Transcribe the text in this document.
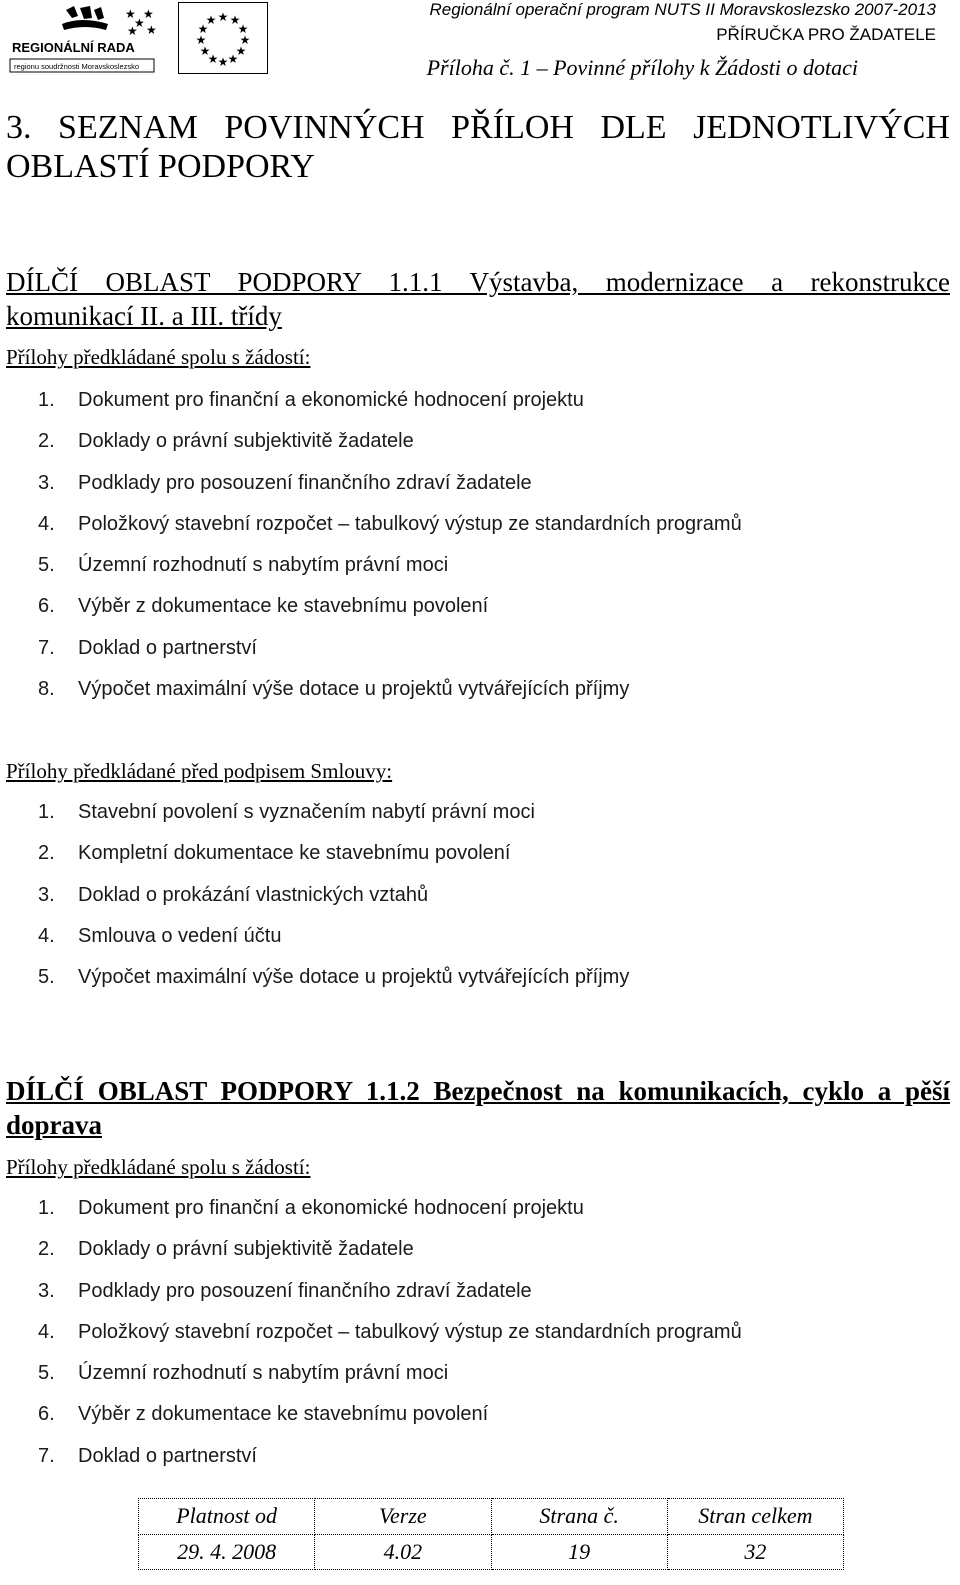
★
★
★
★
★
REGIONÁLNÍ RADA
regionu soudržnosti Moravskoslezsko
★ ★
★
★
★
★
★
★
★
★
★
★
Regionální operační program NUTS II Moravskoslezsko 2007-2013
PŘÍRUČKA PRO ŽADATELE
Příloha č. 1 – Povinné přílohy k Žádosti o dotaci
3. SEZNAM POVINNÝCH PŘÍLOH DLE JEDNOTLIVÝCH
OBLASTÍ PODPORY
DÍLČÍ OBLAST PODPORY 1.1.1 Výstavba, modernizace a rekonstrukce
komunikací II. a III. třídy
Přílohy předkládané spolu s žádostí:
1. Dokument pro finanční a ekonomické hodnocení projektu
2. Doklady o právní subjektivitě žadatele
3. Podklady pro posouzení finančního zdraví žadatele
4. Položkový stavební rozpočet – tabulkový výstup ze standardních programů
5. Územní rozhodnutí s nabytím právní moci
6. Výběr z dokumentace ke stavebnímu povolení
7. Doklad o partnerství
8. Výpočet maximální výše dotace u projektů vytvářejících příjmy
Přílohy předkládané před podpisem Smlouvy:
1. Stavební povolení s vyznačením nabytí právní moci
2. Kompletní dokumentace ke stavebnímu povolení
3. Doklad o prokázání vlastnických vztahů
4. Smlouva o vedení účtu
5. Výpočet maximální výše dotace u projektů vytvářejících příjmy
DÍLČÍ OBLAST PODPORY 1.1.2 Bezpečnost na komunikacích, cyklo a pěší
doprava
Přílohy předkládané spolu s žádostí:
1. Dokument pro finanční a ekonomické hodnocení projektu
2. Doklady o právní subjektivitě žadatele
3. Podklady pro posouzení finančního zdraví žadatele
4. Položkový stavební rozpočet – tabulkový výstup ze standardních programů
5. Územní rozhodnutí s nabytím právní moci
6. Výběr z dokumentace ke stavebnímu povolení
7. Doklad o partnerství
Platnost od	Verze	Strana č.	Stran celkem
29. 4. 2008	4.02	19	32
